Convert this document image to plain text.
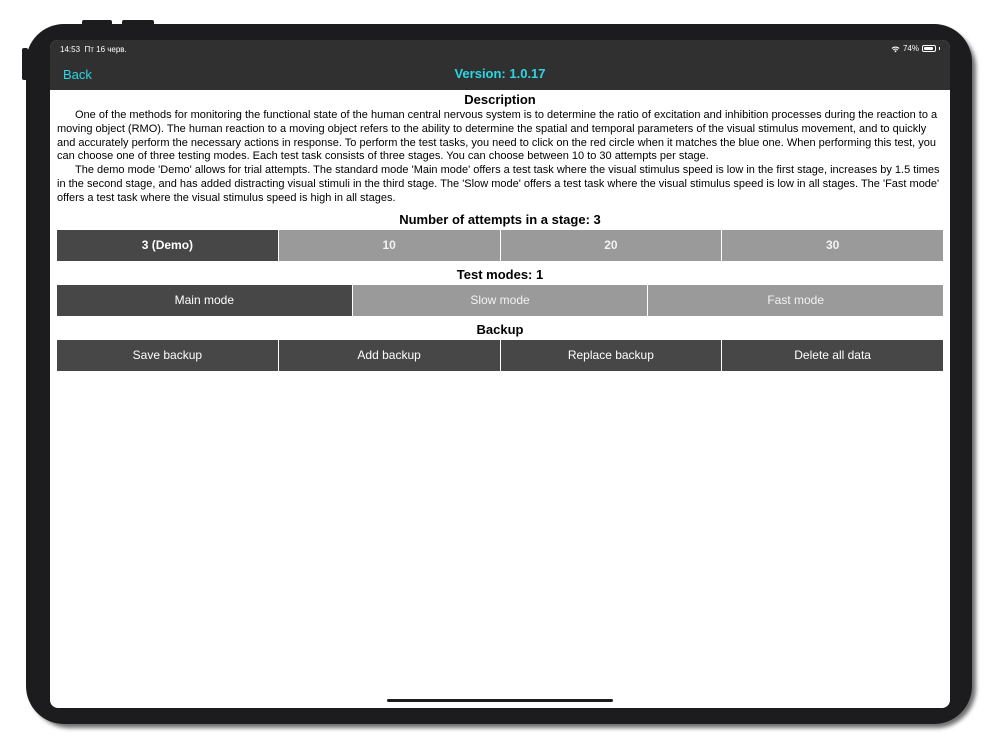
14:53 Пт 16 черв.	74%
Back	Version: 1.0.17
Description

One of the methods for monitoring the functional state of the human central nervous system is to determine the ratio of excitation and inhibition processes during the reaction to a moving object (RMO). The human reaction to a moving object refers to the ability to determine the spatial and temporal parameters of the visual stimulus movement, and to quickly and accurately perform the necessary actions in response. To perform the test tasks, you need to click on the red circle when it matches the blue one. When performing this test, you can choose one of three testing modes. Each test task consists of three stages. You can choose between 10 to 30 attempts per stage.

The demo mode 'Demo' allows for trial attempts. The standard mode 'Main mode' offers a test task where the visual stimulus speed is low in the first stage, increases by 1.5 times in the second stage, and has added distracting visual stimuli in the third stage. The 'Slow mode' offers a test task where the visual stimulus speed is low in all stages. The 'Fast mode' offers a test task where the visual stimulus speed is high in all stages.

Number of attempts in a stage: 3
3 (Demo)	10	20	30
Test modes: 1
Main mode	Slow mode	Fast mode
Backup
Save backup	Add backup	Replace backup	Delete all data
